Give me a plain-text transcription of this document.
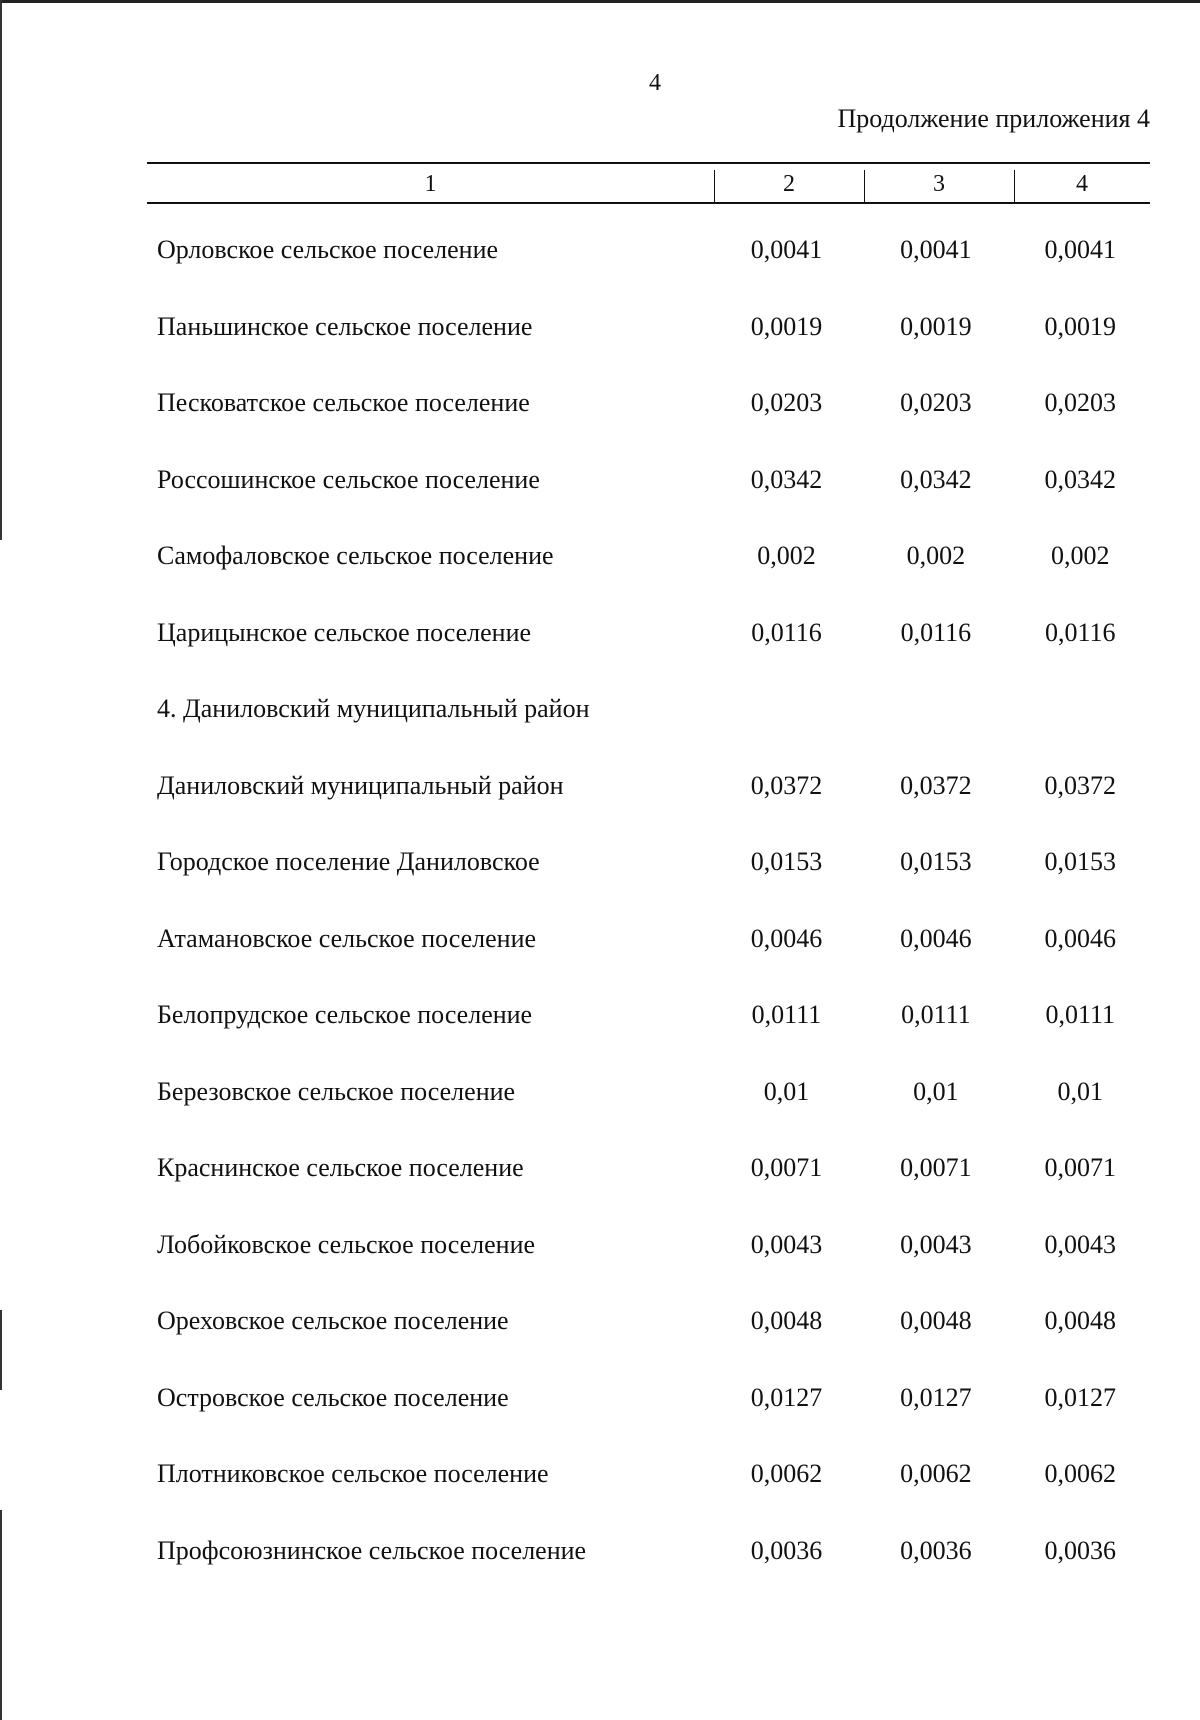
4
Продолжение приложения 4
1	2	3	4
Орловское сельское поселение	0,0041	0,0041	0,0041
Паньшинское сельское поселение	0,0019	0,0019	0,0019
Песковатское сельское поселение	0,0203	0,0203	0,0203
Россошинское сельское поселение	0,0342	0,0342	0,0342
Самофаловское сельское поселение	0,002	0,002	0,002
Царицынское сельское поселение	0,0116	0,0116	0,0116
4. Даниловский муниципальный район
Даниловский муниципальный район	0,0372	0,0372	0,0372
Городское поселение Даниловское	0,0153	0,0153	0,0153
Атамановское сельское поселение	0,0046	0,0046	0,0046
Белопрудское сельское поселение	0,0111	0,0111	0,0111
Березовское сельское поселение	0,01	0,01	0,01
Краснинское сельское поселение	0,0071	0,0071	0,0071
Лобойковское сельское поселение	0,0043	0,0043	0,0043
Ореховское сельское поселение	0,0048	0,0048	0,0048
Островское сельское поселение	0,0127	0,0127	0,0127
Плотниковское сельское поселение	0,0062	0,0062	0,0062
Профсоюзнинское сельское поселение	0,0036	0,0036	0,0036
